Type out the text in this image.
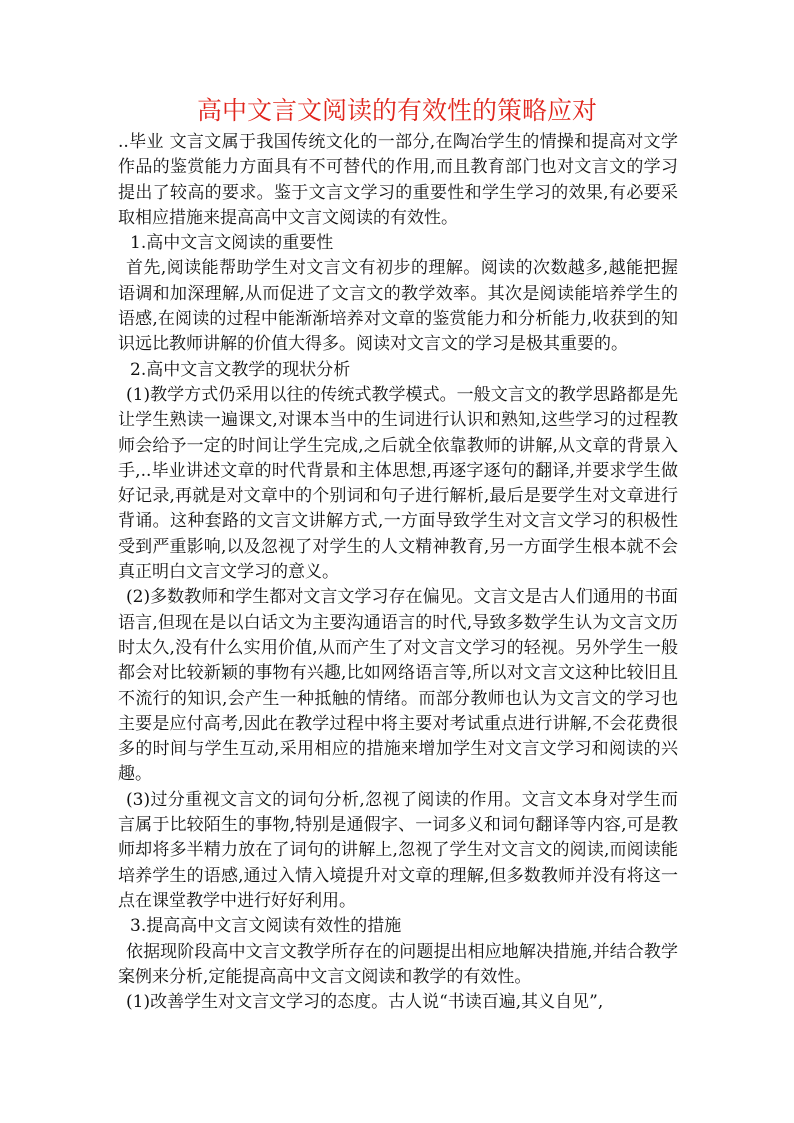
高中文言文阅读的有效性的策略应对

..毕业 文言文属于我国传统文化的一部分,在陶冶学生的情操和提高对文学作品的鉴赏能力方面具有不可替代的作用,而且教育部门也对文言文的学习提出了较高的要求。鉴于文言文学习的重要性和学生学习的效果,有必要采取相应措施来提高高中文言文阅读的有效性。

1.高中文言文阅读的重要性

首先,阅读能帮助学生对文言文有初步的理解。阅读的次数越多,越能把握语调和加深理解,从而促进了文言文的教学效率。其次是阅读能培养学生的语感,在阅读的过程中能渐渐培养对文章的鉴赏能力和分析能力,收获到的知识远比教师讲解的价值大得多。阅读对文言文的学习是极其重要的。

2.高中文言文教学的现状分析

(1)教学方式仍采用以往的传统式教学模式。一般文言文的教学思路都是先让学生熟读一遍课文,对课本当中的生词进行认识和熟知,这些学习的过程教师会给予一定的时间让学生完成,之后就全依靠教师的讲解,从文章的背景入手,..毕业讲述文章的时代背景和主体思想,再逐字逐句的翻译,并要求学生做好记录,再就是对文章中的个别词和句子进行解析,最后是要学生对文章进行背诵。这种套路的文言文讲解方式,一方面导致学生对文言文学习的积极性受到严重影响,以及忽视了对学生的人文精神教育,另一方面学生根本就不会真正明白文言文学习的意义。

(2)多数教师和学生都对文言文学习存在偏见。文言文是古人们通用的书面语言,但现在是以白话文为主要沟通语言的时代,导致多数学生认为文言文历时太久,没有什么实用价值,从而产生了对文言文学习的轻视。另外学生一般都会对比较新颖的事物有兴趣,比如网络语言等,所以对文言文这种比较旧且不流行的知识,会产生一种抵触的情绪。而部分教师也认为文言文的学习也主要是应付高考,因此在教学过程中将主要对考试重点进行讲解,不会花费很多的时间与学生互动,采用相应的措施来增加学生对文言文学习和阅读的兴趣。

(3)过分重视文言文的词句分析,忽视了阅读的作用。文言文本身对学生而言属于比较陌生的事物,特别是通假字、一词多义和词句翻译等内容,可是教师却将多半精力放在了词句的讲解上,忽视了学生对文言文的阅读,而阅读能培养学生的语感,通过入情入境提升对文章的理解,但多数教师并没有将这一点在课堂教学中进行好好利用。

3.提高高中文言文阅读有效性的措施

依据现阶段高中文言文教学所存在的问题提出相应地解决措施,并结合教学案例来分析,定能提高高中文言文阅读和教学的有效性。

(1)改善学生对文言文学习的态度。古人说“书读百遍,其义自见”,
